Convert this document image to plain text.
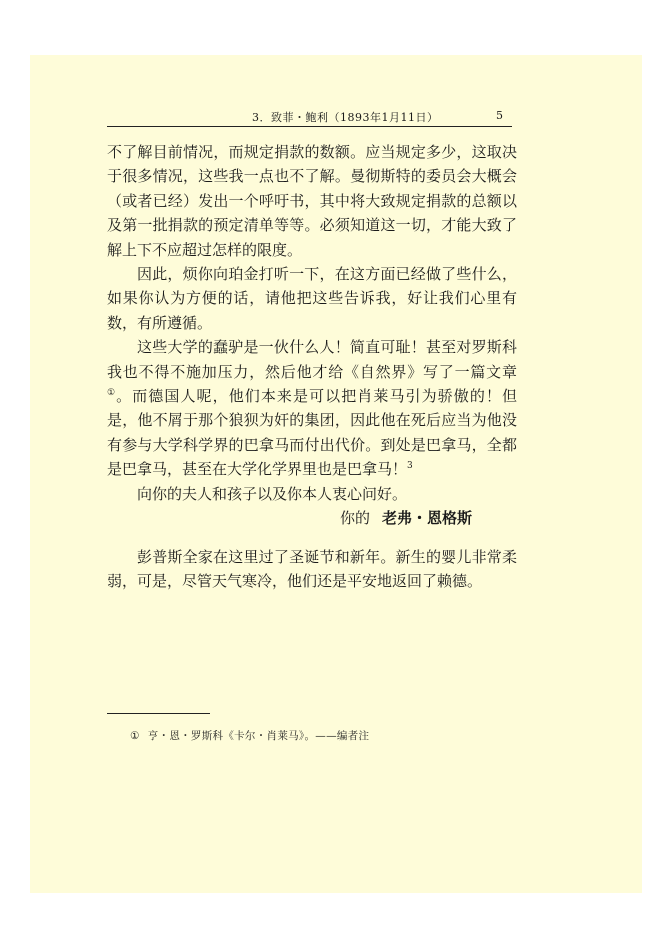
3．致菲・鲍利（1893年1月11日）	5

不了解目前情况，而规定捐款的数额。应当规定多少，这取决于很多情况，这些我一点也不了解。曼彻斯特的委员会大概会（或者已经）发出一个呼吁书，其中将大致规定捐款的总额以及第一批捐款的预定清单等等。必须知道这一切，才能大致了解上下不应超过怎样的限度。

因此，烦你向珀金打听一下，在这方面已经做了些什么，如果你认为方便的话，请他把这些告诉我，好让我们心里有数，有所遵循。

这些大学的蠢驴是一伙什么人！简直可耻！甚至对罗斯科我也不得不施加压力，然后他才给《自然界》写了一篇文章①。而德国人呢，他们本来是可以把肖莱马引为骄傲的！但是，他不屑于那个狼狈为奸的集团，因此他在死后应当为他没有参与大学科学界的巴拿马而付出代价。到处是巴拿马，全都是巴拿马，甚至在大学化学界里也是巴拿马！$^3$

向你的夫人和孩子以及你本人衷心问好。

你的 老弗・恩格斯

彭普斯全家在这里过了圣诞节和新年。新生的婴儿非常柔弱，可是，尽管天气寒冷，他们还是平安地返回了赖德。

① 亨・恩・罗斯科《卡尔・肖莱马》。——编者注
